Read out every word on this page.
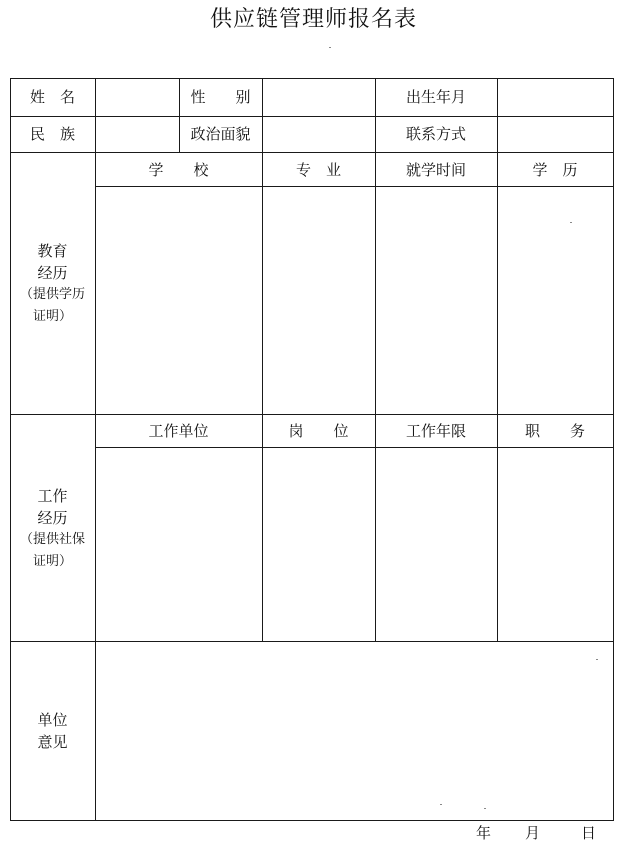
供应链管理师报名表
姓　名	性　　别	出生年月
民　族	政治面貌	联系方式
教育
经历
（提供学历
证明）
学　　校	专　业	就学时间	学　历
工作
经历
（提供社保
证明）
工作单位	岗　　位	工作年限	职　　务
单位
意见
年 月	日
